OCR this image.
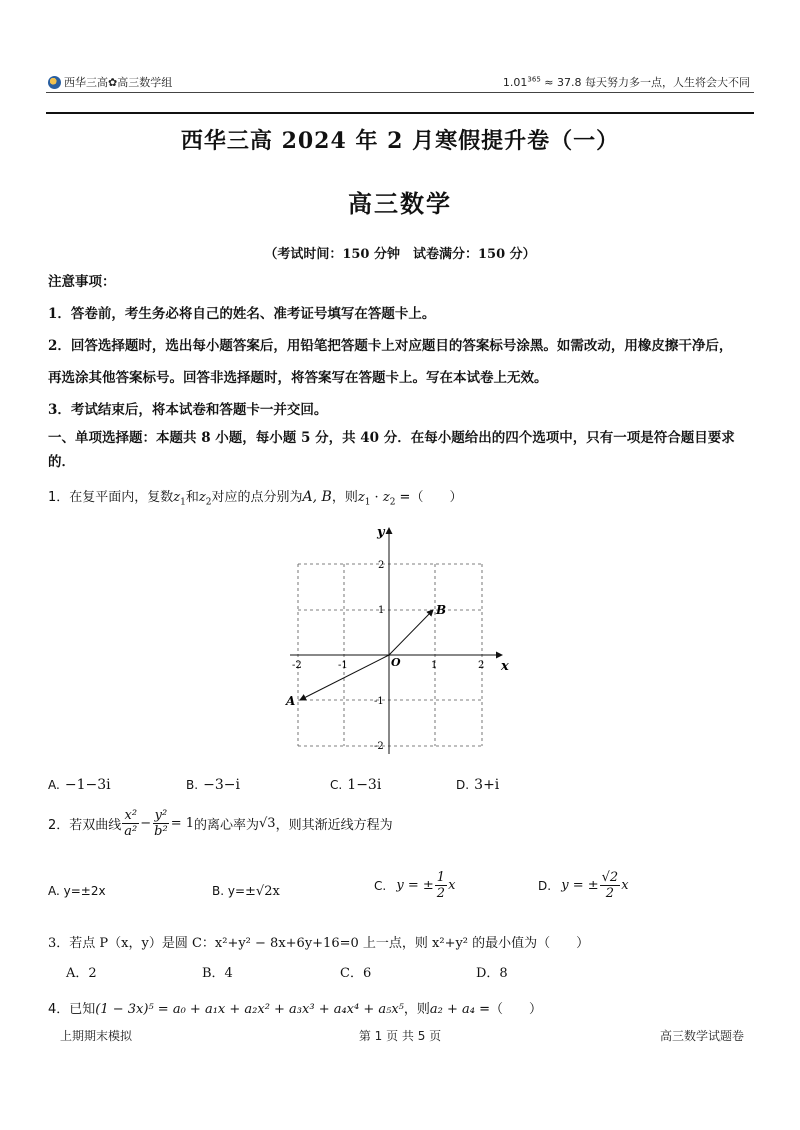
西华三高✿高三数学组	$1.01^{365} \approx 37.8$ 每天努力多一点，人生将会大不同
西华三高 2024 年 2 月寒假提升卷（一）
高三数学
（考试时间：150 分钟　试卷满分：150 分）
注意事项：
1．答卷前，考生务必将自己的姓名、准考证号填写在答题卡上。
2．回答选择题时，选出每小题答案后，用铅笔把答题卡上对应题目的答案标号涂黑。如需改动，用橡皮擦干净后，
再选涂其他答案标号。回答非选择题时，将答案写在答题卡上。写在本试卷上无效。
3．考试结束后，将本试卷和答题卡一并交回。
一、单项选择题：本题共 8 小题，每小题 5 分，共 40 分．在每小题给出的四个选项中，只有一项是符合题目要求
的．
1．在复平面内，复数$z_1$和$z_2$对应的点分别为A, B，则$z_1 \cdot z_2$ =（　　）
y
x
O
B
A
-2	-1	1	2
2
1
-1
-2
A. −1−3i	B. −3−i	C. 1−3i	D. 3+i
2．若双曲线 $\frac{\text{x²}}{\text{a²}} - \frac{\text{y²}}{\text{b²}} = 1$ 的离心率为 √3 ，则其渐近线方程为
A. y=±2x	B. y=±√2x	C.
y = ± $\frac{1}{2}$ x	D.
y = ± $\frac{√2}{2}$ x
3．若点 P（x，y）是圆 C：x²+y² − 8x+6y+16=0 上一点，则 x²+y² 的最小值为（　　）
A．2	B．4	C．6	D．8
4．已知(1 − 3x)⁵ = a₀ + a₁x + a₂x² + a₃x³ + a₄x⁴ + a₅x⁵，则a₂ + a₄ =（　　）
上期期末模拟	第 1 页 共 5 页	高三数学试题卷
